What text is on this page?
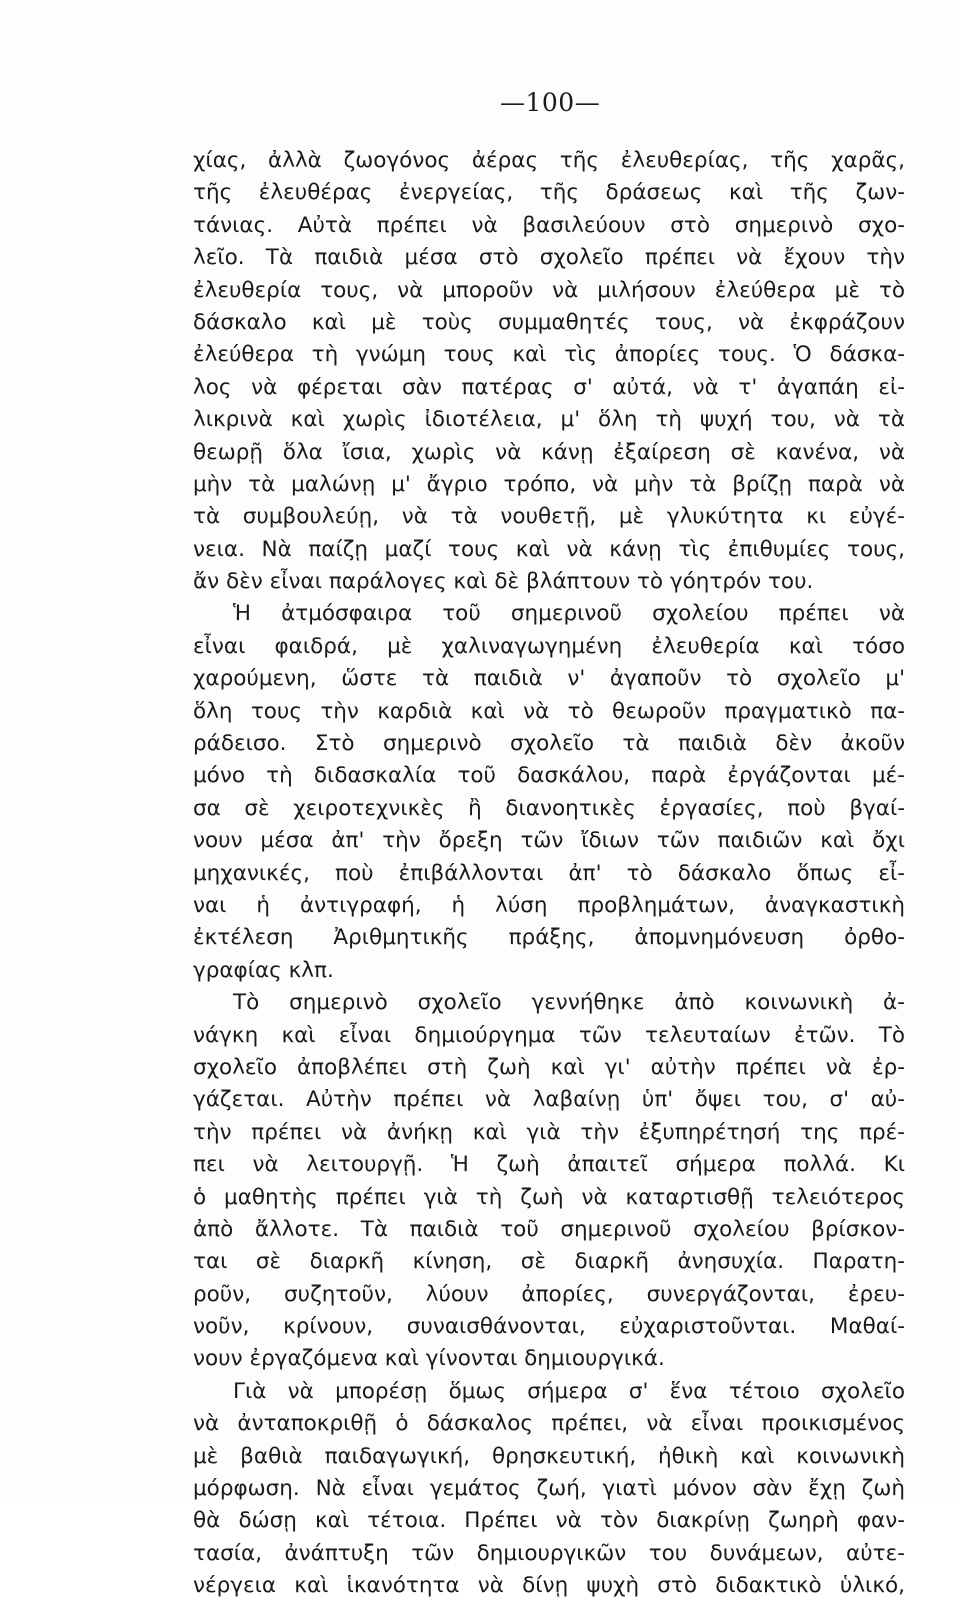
—100—
χίας, ἀλλὰ ζωογόνος ἀέρας τῆς ἐλευθερίας, τῆς χαρᾶς,
τῆς ἐλευθέρας ἐνεργείας, τῆς δράσεως καὶ τῆς ζων-
τάνιας. Αὐτὰ πρέπει νὰ βασιλεύουν στὸ σημερινὸ σχο-
λεῖο. Τὰ παιδιὰ μέσα στὸ σχολεῖο πρέπει νὰ ἔχουν τὴν
ἐλευθερία τους, νὰ μποροῦν νὰ μιλήσουν ἐλεύθερα μὲ τὸ
δάσκαλο καὶ μὲ τοὺς συμμαθητές τους, νὰ ἐκφράζουν
ἐλεύθερα τὴ γνώμη τους καὶ τὶς ἀπορίες τους. Ὁ δάσκα-
λος νὰ φέρεται σὰν πατέρας σ' αὐτά, νὰ τ' ἀγαπάη εἰ-
λικρινὰ καὶ χωρὶς ἰδιοτέλεια, μ' ὅλη τὴ ψυχή του, νὰ τὰ
θεωρῇ ὅλα ἴσια, χωρὶς νὰ κάνῃ ἐξαίρεση σὲ κανένα, νὰ
μὴν τὰ μαλώνῃ μ' ἄγριο τρόπο, νὰ μὴν τὰ βρίζῃ παρὰ νὰ
τὰ συμβουλεύῃ, νὰ τὰ νουθετῇ, μὲ γλυκύτητα κι εὐγέ-
νεια. Νὰ παίζῃ μαζί τους καὶ νὰ κάνῃ τὶς ἐπιθυμίες τους,
ἄν δὲν εἶναι παράλογες καὶ δὲ βλάπτουν τὸ γόητρόν του.
Ἡ ἀτμόσφαιρα τοῦ σημερινοῦ σχολείου πρέπει νὰ
εἶναι φαιδρά, μὲ χαλιναγωγημένη ἐλευθερία καὶ τόσο
χαρούμενη, ὥστε τὰ παιδιὰ ν' ἀγαποῦν τὸ σχολεῖο μ'
ὅλη τους τὴν καρδιὰ καὶ νὰ τὸ θεωροῦν πραγματικὸ πα-
ράδεισο. Στὸ σημερινὸ σχολεῖο τὰ παιδιὰ δὲν ἀκοῦν
μόνο τὴ διδασκαλία τοῦ δασκάλου, παρὰ ἐργάζονται μέ-
σα σὲ χειροτεχνικὲς ἢ διανοητικὲς ἐργασίες, ποὺ βγαί-
νουν μέσα ἀπ' τὴν ὄρεξη τῶν ἴδιων τῶν παιδιῶν καὶ ὄχι
μηχανικές, ποὺ ἐπιβάλλονται ἀπ' τὸ δάσκαλο ὅπως εἶ-
ναι ἡ ἀντιγραφή, ἡ λύση προβλημάτων, ἀναγκαστικὴ
ἐκτέλεση Ἀριθμητικῆς πράξης, ἀπομνημόνευση ὀρθο-
γραφίας κλπ.
Τὸ σημερινὸ σχολεῖο γεννήθηκε ἀπὸ κοινωνικὴ ἀ-
νάγκη καὶ εἶναι δημιούργημα τῶν τελευταίων ἐτῶν. Τὸ
σχολεῖο ἀποβλέπει στὴ ζωὴ καὶ γι' αὐτὴν πρέπει νὰ ἐρ-
γάζεται. Αὐτὴν πρέπει νὰ λαβαίνῃ ὑπ' ὄψει του, σ' αὐ-
τὴν πρέπει νὰ ἀνήκῃ καὶ γιὰ τὴν ἐξυπηρέτησή της πρέ-
πει νὰ λειτουργῇ. Ἡ ζωὴ ἀπαιτεῖ σήμερα πολλά. Κι
ὁ μαθητὴς πρέπει γιὰ τὴ ζωὴ νὰ καταρτισθῇ τελειότερος
ἀπὸ ἄλλοτε. Τὰ παιδιὰ τοῦ σημερινοῦ σχολείου βρίσκον-
ται σὲ διαρκῆ κίνηση, σὲ διαρκῆ ἀνησυχία. Παρατη-
ροῦν, συζητοῦν, λύουν ἀπορίες, συνεργάζονται, ἐρευ-
νοῦν, κρίνουν, συναισθάνονται, εὐχαριστοῦνται. Μαθαί-
νουν ἐργαζόμενα καὶ γίνονται δημιουργικά.
Γιὰ νὰ μπορέσῃ ὅμως σήμερα σ' ἕνα τέτοιο σχολεῖο
νὰ ἀνταποκριθῇ ὁ δάσκαλος πρέπει, νὰ εἶναι προικισμένος
μὲ βαθιὰ παιδαγωγική, θρησκευτική, ἠθικὴ καὶ κοινωνικὴ
μόρφωση. Νὰ εἶναι γεμάτος ζωή, γιατὶ μόνον σὰν ἔχῃ ζωὴ
θὰ δώσῃ καὶ τέτοια. Πρέπει νὰ τὸν διακρίνῃ ζωηρὴ φαν-
τασία, ἀνάπτυξη τῶν δημιουργικῶν του δυνάμεων, αὐτε-
νέργεια καὶ ἱκανότητα νὰ δίνῃ ψυχὴ στὸ διδακτικὸ ὑλικό,
